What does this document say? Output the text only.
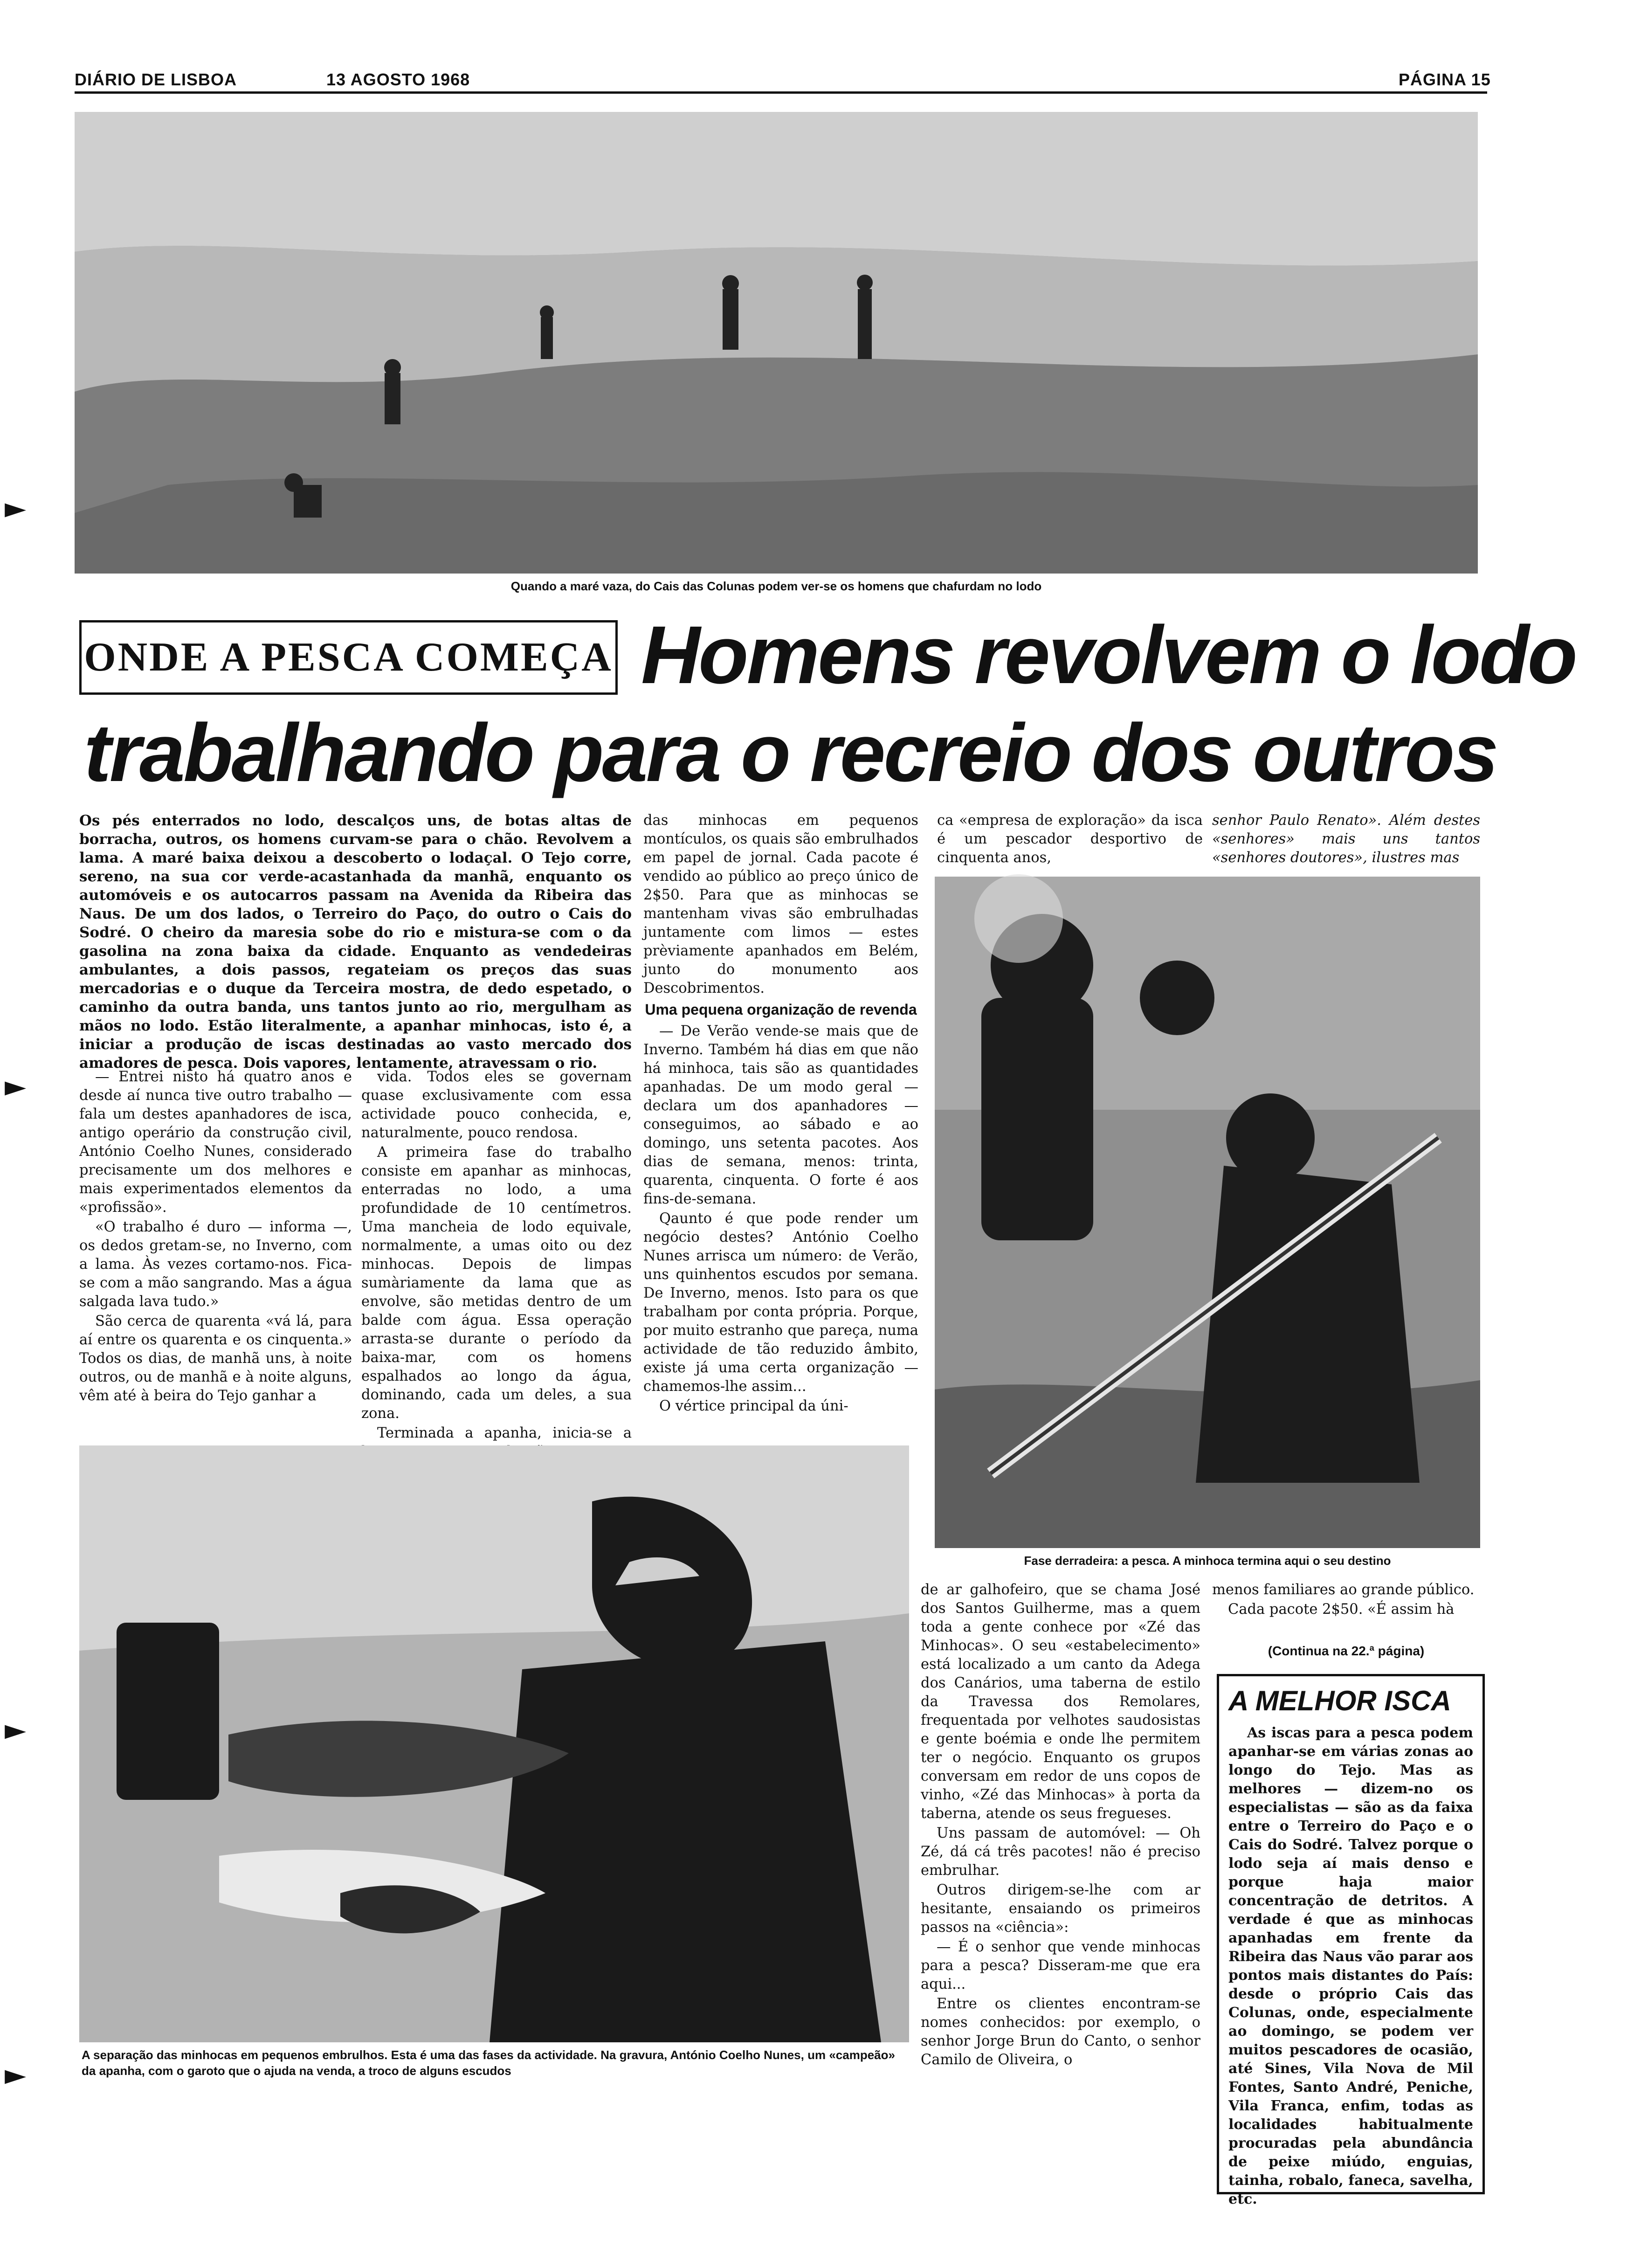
DIÁRIO DE LISBOA	13 AGOSTO 1968	PÁGINA 15
►
►
►
►
Quando a maré vaza, do Cais das Colunas podem ver-se os homens que chafurdam no lodo
ONDE A PESCA COMEÇA Homens revolvem o lodo
trabalhando para o recreio dos outros
Os pés enterrados no lodo, descalços uns, de botas altas de borracha, outros, os homens curvam-se para o chão. Revolvem a lama. A maré baixa deixou a descoberto o lodaçal. O Tejo corre, sereno, na sua cor verde-acastanhada da manhã, enquanto os automóveis e os autocarros passam na Avenida da Ribeira das Naus. De um dos lados, o Terreiro do Paço, do outro o Cais do Sodré. O cheiro da maresia sobe do rio e mistura-se com o da gasolina na zona baixa da cidade. Enquanto as vendedeiras ambulantes, a dois passos, regateiam os preços das suas mercadorias e o duque da Terceira mostra, de dedo espetado, o caminho da outra banda, uns tantos junto ao rio, mergulham as mãos no lodo. Estão literalmente, a apanhar minhocas, isto é, a iniciar a produção de iscas destinadas ao vasto mercado dos amadores de pesca. Dois vapores, lentamente, atravessam o rio.

— Entrei nisto há quatro anos e desde aí nunca tive outro trabalho — fala um destes apanhadores de isca, antigo operário da construção civil, António Coelho Nunes, considerado precisamente um dos melhores e mais experimentados elementos da «profissão».

«O trabalho é duro — informa —, os dedos gretam-se, no Inverno, com a lama. Às vezes cortamo-nos. Fica-se com a mão sangrando. Mas a água salgada lava tudo.»

São cerca de quarenta «vá lá, para aí entre os quarenta e os cinquenta.» Todos os dias, de manhã uns, à noite outros, ou de manhã e à noite alguns, vêm até à beira do Tejo ganhar a

vida. Todos eles se governam quase exclusivamente com essa actividade pouco conhecida, e, naturalmente, pouco rendosa.

A primeira fase do trabalho consiste em apanhar as minhocas, enterradas no lodo, a uma profundidade de 10 centímetros. Uma mancheia de lodo equivale, normalmente, a umas oito ou dez minhocas. Depois de limpas sumàriamente da lama que as envolve, são metidas dentro de um balde com água. Essa operação arrasta-se durante o período da baixa-mar, com os homens espalhados ao longo da água, dominando, cada um deles, a sua zona.

Terminada a apanha, inicia-se a

das minhocas em pequenos montículos, os quais são embrulhados em papel de jornal. Cada pacote é vendido ao público ao preço único de 2$50. Para que as minhocas se mantenham vivas são embrulhadas juntamente com limos — estes prèviamente apanhados em Belém, junto do monumento aos Descobrimentos.

Uma pequena organização de revenda

— De Verão vende-se mais que de Inverno. Também há dias em que não há minhoca, tais são as quantidades apanhadas. De um modo geral — declara um dos apanhadores — conseguimos, ao sábado e ao domingo, uns setenta pacotes. Aos dias de semana, menos: trinta, quarenta, cinquenta. O forte é aos fins-de-semana.

Qaunto é que pode render um negócio destes? António Coelho Nunes arrisca um número: de Verão, uns quinhentos escudos por semana. De Inverno, menos. Isto para os que trabalham por conta própria. Porque, por muito estranho que pareça, numa actividade de tão reduzido âmbito, existe já uma certa organização — chamemos-lhe assim...

O vértice principal da úni-

ca «empresa de exploração» da isca é um pescador desportivo de cinquenta anos,
senhor Paulo Renato». Além destes «senhores» mais uns tantos «senhores doutores», ilustres mas
Fase derradeira: a pesca. A minhoca termina aqui o seu destino

de ar galhofeiro, que se chama José dos Santos Guilherme, mas a quem toda a gente conhece por «Zé das Minhocas». O seu «estabelecimento» está localizado a um canto da Adega dos Canários, uma taberna de estilo da Travessa dos Remolares, frequentada por velhotes saudosistas e gente boémia e onde lhe permitem ter o negócio. Enquanto os grupos conversam em redor de uns copos de vinho, «Zé das Minhocas» à porta da taberna, atende os seus fregueses.

Uns passam de automóvel: — Oh Zé, dá cá três pacotes! não é preciso embrulhar.

Outros dirigem-se-lhe com ar hesitante, ensaiando os primeiros passos na «ciência»:

— É o senhor que vende minhocas para a pesca? Disseram-me que era aqui...

Entre os clientes encontram-se nomes conhecidos: por exemplo, o senhor Jorge Brun do Canto, o senhor Camilo de Oliveira, o

menos familiares ao grande público.

Cada pacote 2$50. «É assim hà

(Continua na 22.ª página)
A MELHOR ISCA
As iscas para a pesca podem apanhar-se em várias zonas ao longo do Tejo. Mas as melhores — dizem-no os especialistas — são as da faixa entre o Terreiro do Paço e o Cais do Sodré. Talvez porque o lodo seja aí mais denso e porque haja maior concentração de detritos. A verdade é que as minhocas apanhadas em frente da Ribeira das Naus vão parar aos pontos mais distantes do País: desde o próprio Cais das Colunas, onde, especialmente ao domingo, se podem ver muitos pescadores de ocasião, até Sines, Vila Nova de Mil Fontes, Santo André, Peniche, Vila Franca, enfim, todas as localidades habitualmente procuradas pela abundância de peixe miúdo, enguias, tainha, robalo, faneca, savelha, etc.
A separação das minhocas em pequenos embrulhos. Esta é uma das fases da actividade. Na gravura, António Coelho Nunes, um «campeão» da apanha, com o garoto que o ajuda na venda, a troco de alguns escudos
